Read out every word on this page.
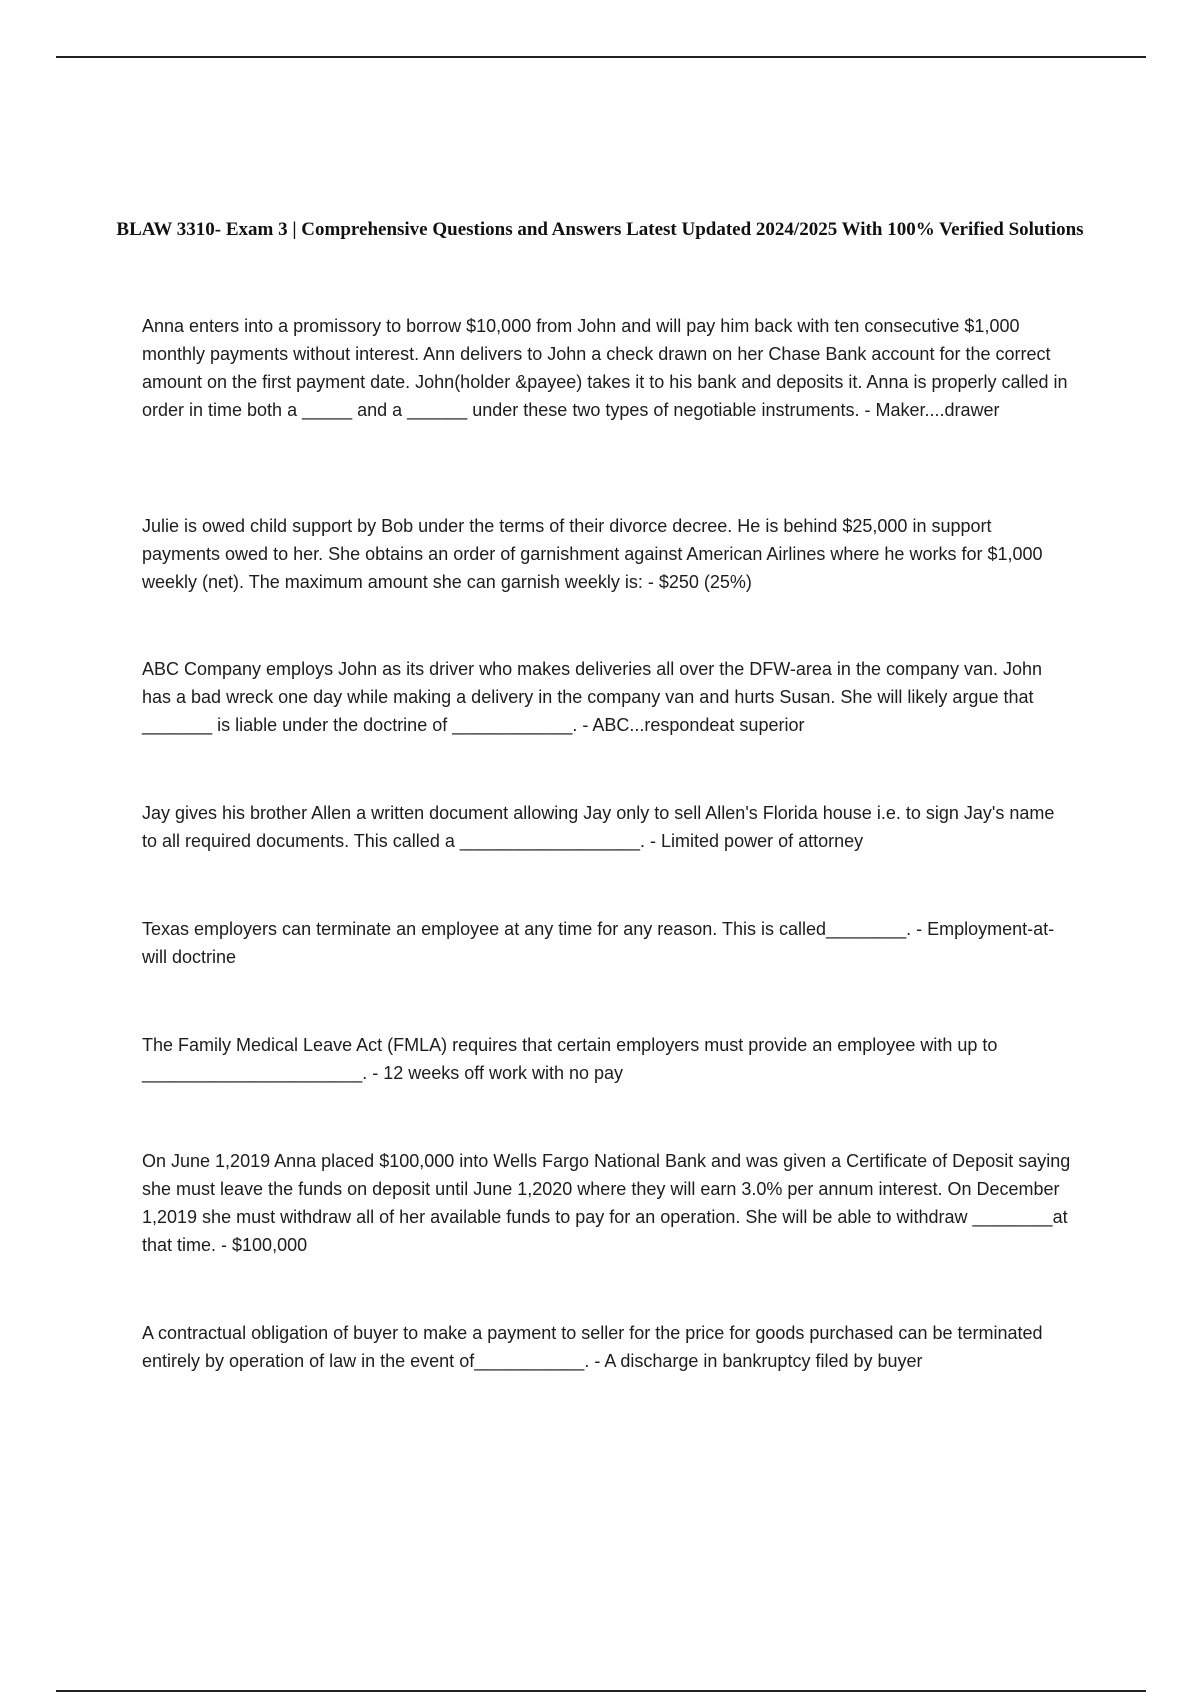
BLAW 3310- Exam 3 | Comprehensive Questions and Answers Latest Updated 2024/2025 With 100% Verified Solutions

Anna enters into a promissory to borrow $10,000 from John and will pay him back with ten consecutive $1,000 monthly payments without interest. Ann delivers to John a check drawn on her Chase Bank account for the correct amount on the first payment date. John(holder &payee) takes it to his bank and deposits it. Anna is properly called in order in time both a _____ and a ______ under these two types of negotiable instruments. - Maker....drawer

Julie is owed child support by Bob under the terms of their divorce decree. He is behind $25,000 in support payments owed to her. She obtains an order of garnishment against American Airlines where he works for $1,000 weekly (net). The maximum amount she can garnish weekly is: - $250 (25%)

ABC Company employs John as its driver who makes deliveries all over the DFW-area in the company van. John has a bad wreck one day while making a delivery in the company van and hurts Susan. She will likely argue that _______ is liable under the doctrine of ____________. - ABC...respondeat superior

Jay gives his brother Allen a written document allowing Jay only to sell Allen's Florida house i.e. to sign Jay's name to all required documents. This called a __________________. - Limited power of attorney

Texas employers can terminate an employee at any time for any reason. This is called________. - Employment-at-will doctrine

The Family Medical Leave Act (FMLA) requires that certain employers must provide an employee with up to ______________________. - 12 weeks off work with no pay

On June 1,2019 Anna placed $100,000 into Wells Fargo National Bank and was given a Certificate of Deposit saying she must leave the funds on deposit until June 1,2020 where they will earn 3.0% per annum interest. On December 1,2019 she must withdraw all of her available funds to pay for an operation. She will be able to withdraw ________at that time. - $100,000

A contractual obligation of buyer to make a payment to seller for the price for goods purchased can be terminated entirely by operation of law in the event of___________. - A discharge in bankruptcy filed by buyer
